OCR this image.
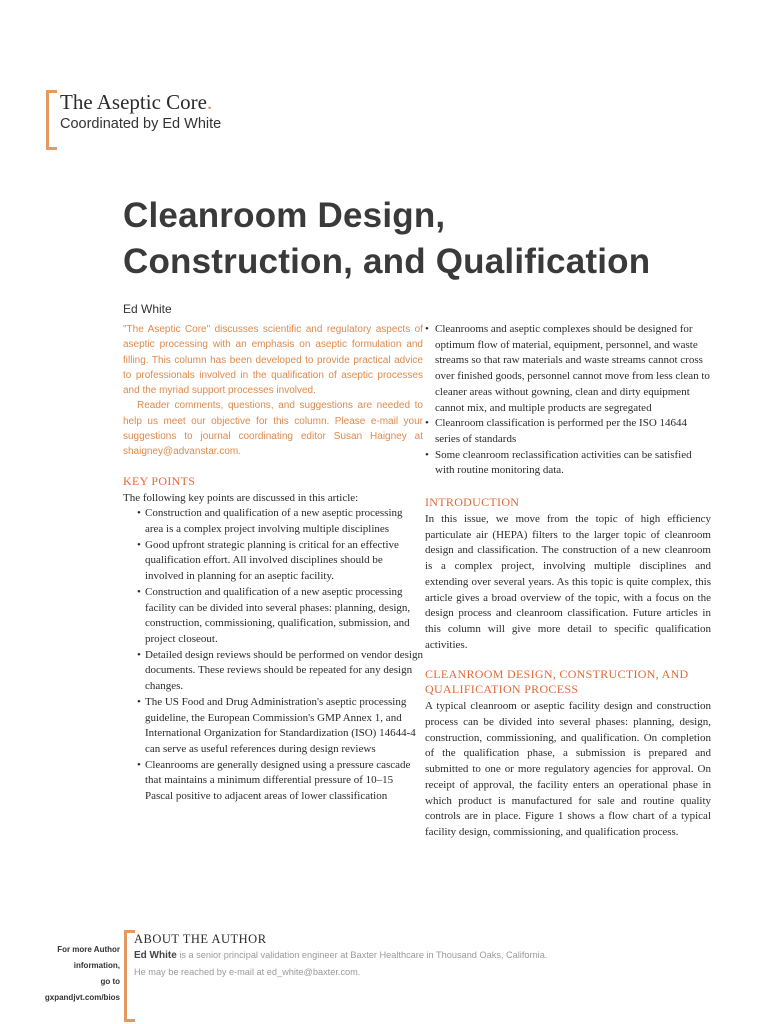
The Aseptic Core.
Coordinated by Ed White
Cleanroom Design,
Construction, and Qualification
Ed White

"The Aseptic Core" discusses scientific and regulatory aspects of aseptic processing with an emphasis on aseptic formulation and filling. This column has been developed to provide practical advice to professionals involved in the qualification of aseptic processes and the myriad support processes involved.

Reader comments, questions, and suggestions are needed to help us meet our objective for this column. Please e-mail your suggestions to journal coordinating editor Susan Haigney at shaigney@advanstar.com.

KEY POINTS

The following key points are discussed in this article:

• Construction and qualification of a new aseptic processing area is a complex project involving multiple disciplines
• Good upfront strategic planning is critical for an effective qualification effort. All involved disciplines should be involved in planning for an aseptic facility.
• Construction and qualification of a new aseptic processing facility can be divided into several phases: planning, design, construction, commissioning, qualification, submission, and project closeout.
• Detailed design reviews should be performed on vendor design documents. These reviews should be repeated for any design changes.
• The US Food and Drug Administration's aseptic processing guideline, the European Commission's GMP Annex 1, and International Organization for Standardization (ISO) 14644-4 can serve as useful references during design reviews
• Cleanrooms are generally designed using a pressure cascade that maintains a minimum differential pressure of 10–15 Pascal positive to adjacent areas of lower classification
• Cleanrooms and aseptic complexes should be designed for optimum flow of material, equipment, personnel, and waste streams so that raw materials and waste streams cannot cross over finished goods, personnel cannot move from less clean to cleaner areas without gowning, clean and dirty equipment cannot mix, and multiple products are segregated
• Cleanroom classification is performed per the ISO 14644 series of standards
• Some cleanroom reclassification activities can be satisfied with routine monitoring data.
INTRODUCTION

In this issue, we move from the topic of high efficiency particulate air (HEPA) filters to the larger topic of cleanroom design and classification. The construction of a new cleanroom is a complex project, involving multiple disciplines and extending over several years. As this topic is quite complex, this article gives a broad overview of the topic, with a focus on the design process and cleanroom classification. Future articles in this column will give more detail to specific qualification activities.

CLEANROOM DESIGN, CONSTRUCTION, AND QUALIFICATION PROCESS

A typical cleanroom or aseptic facility design and construction process can be divided into several phases: planning, design, construction, commissioning, and qualification. On completion of the qualification phase, a submission is prepared and submitted to one or more regulatory agencies for approval. On receipt of approval, the facility enters an operational phase in which product is manufactured for sale and routine quality controls are in place. Figure 1 shows a flow chart of a typical facility design, commissioning, and qualification process.

ABOUT THE AUTHOR
Ed White is a senior principal validation engineer at Baxter Healthcare in Thousand Oaks, California.
He may be reached by e-mail at ed_white@baxter.com.
For more Author
information,
go to
gxpandjvt.com/bios
